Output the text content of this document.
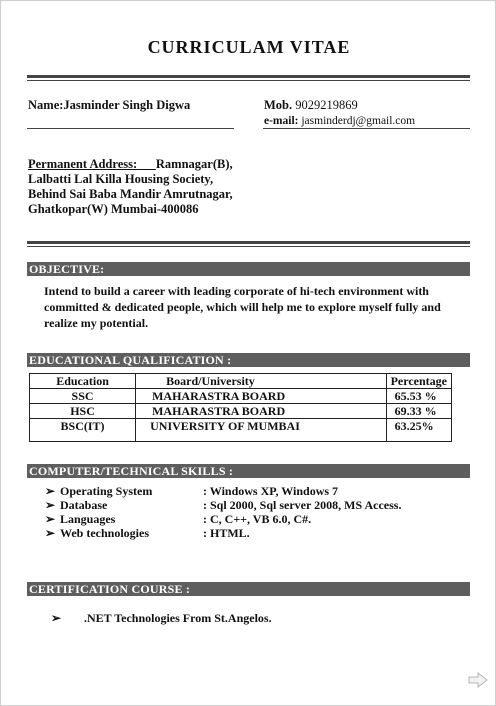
CURRICULAM VITAE
Name:Jasminder Singh Digwa	Mob. 9029219869
e-mail: jasminderdj@gmail.com
Permanent Address: Ramnagar(B),
Lalbatti Lal Killa Housing Society,
Behind Sai Baba Mandir Amrutnagar,
Ghatkopar(W) Mumbai-400086
OBJECTIVE:
Intend to build a career with leading corporate of hi-tech environment with committed & dedicated people, which will help me to explore myself fully and realize my potential.
EDUCATIONAL QUALIFICATION :
Education	Board/University	Percentage
SSC	MAHARASTRA BOARD	65.53 %
HSC	MAHARASTRA BOARD	69.33 %
BSC(IT)	UNIVERSITY OF MUMBAI	63.25%
COMPUTER/TECHNICAL SKILLS :
➢ Operating System	: Windows XP, Windows 7
➢ Database	: Sql 2000, Sql server 2008, MS Access.
➢ Languages	: C, C++, VB 6.0, C#.
➢ Web technologies	: HTML.
CERTIFICATION COURSE :
➢ .NET Technologies From St.Angelos.
